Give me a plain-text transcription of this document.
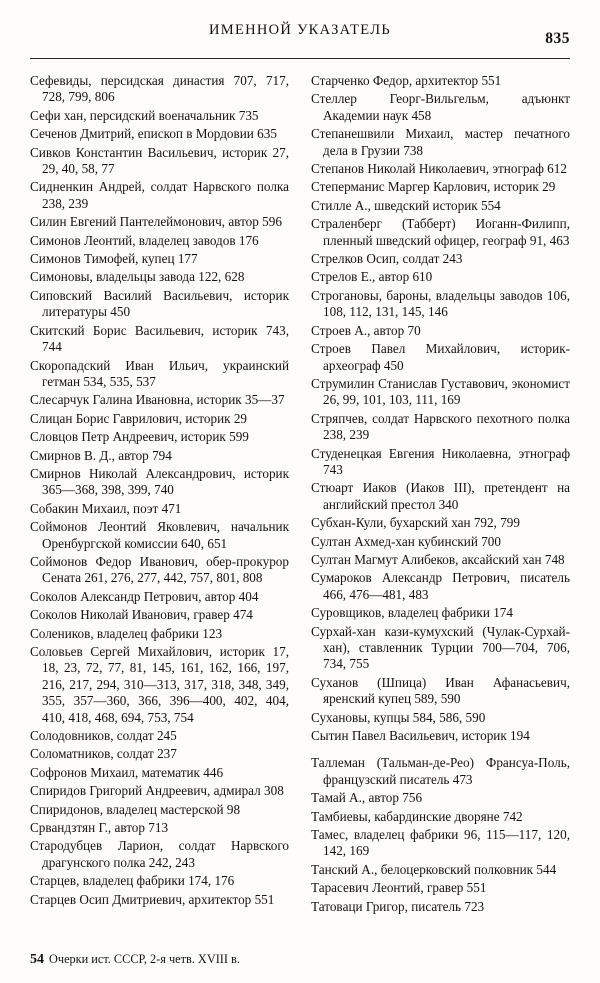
ИМЕННОЙ УКАЗАТЕЛЬ	835

Сефевиды, персидская династия 707, 717, 728, 799, 806

Сефи хан, персидский военачальник 735

Сеченов Дмитрий, епископ в Мордовии 635

Сивков Константин Васильевич, историк 27, 29, 40, 58, 77

Сидненкин Андрей, солдат Нарвского полка 238, 239

Силин Евгений Пантелеймонович, автор 596

Симонов Леонтий, владелец заводов 176

Симонов Тимофей, купец 177

Симоновы, владельцы завода 122, 628

Сиповский Василий Васильевич, историк литературы 450

Скитский Борис Васильевич, историк 743, 744

Скоропадский Иван Ильич, украинский гетман 534, 535, 537

Слесарчук Галина Ивановна, историк 35—37

Слицан Борис Гаврилович, историк 29

Словцов Петр Андреевич, историк 599

Смирнов В. Д., автор 794

Смирнов Николай Александрович, историк 365—368, 398, 399, 740

Собакин Михаил, поэт 471

Соймонов Леонтий Яковлевич, начальник Оренбургской комиссии 640, 651

Соймонов Федор Иванович, обер-прокурор Сената 261, 276, 277, 442, 757, 801, 808

Соколов Александр Петрович, автор 404

Соколов Николай Иванович, гравер 474

Солеников, владелец фабрики 123

Соловьев Сергей Михайлович, историк 17, 18, 23, 72, 77, 81, 145, 161, 162, 166, 197, 216, 217, 294, 310—313, 317, 318, 348, 349, 355, 357—360, 366, 396—400, 402, 404, 410, 418, 468, 694, 753, 754

Солодовников, солдат 245

Соломатников, солдат 237

Софронов Михаил, математик 446

Спиридов Григорий Андреевич, адмирал 308

Спиридонов, владелец мастерской 98

Срвандзтян Г., автор 713

Стародубцев Ларион, солдат Нарвского драгунского полка 242, 243

Старцев, владелец фабрики 174, 176

Старцев Осип Дмитриевич, архитектор 551

Старченко Федор, архитектор 551

Стеллер Георг-Вильгельм, адъюнкт Академии наук 458

Степанешвили Михаил, мастер печатного дела в Грузии 738

Степанов Николай Николаевич, этнограф 612

Степерманис Маргер Карлович, историк 29

Стилле А., шведский историк 554

Страленберг (Табберт) Иоганн-Филипп, пленный шведский офицер, географ 91, 463

Стрелков Осип, солдат 243

Стрелов Е., автор 610

Строгановы, бароны, владельцы заводов 106, 108, 112, 131, 145, 146

Строев А., автор 70

Строев Павел Михайлович, историк-археограф 450

Струмилин Станислав Густавович, экономист 26, 99, 101, 103, 111, 169

Стряпчев, солдат Нарвского пехотного полка 238, 239

Студенецкая Евгения Николаевна, этнограф 743

Стюарт Иаков (Иаков III), претендент на английский престол 340

Субхан-Кули, бухарский хан 792, 799

Султан Ахмед-хан кубинский 700

Султан Магмут Алибеков, аксайский хан 748

Сумароков Александр Петрович, писатель 466, 476—481, 483

Суровщиков, владелец фабрики 174

Сурхай-хан кази-кумухский (Чулак-Сурхай-хан), ставленник Турции 700—704, 706, 734, 755

Суханов (Шпица) Иван Афанасьевич, яренский купец 589, 590

Сухановы, купцы 584, 586, 590

Сытин Павел Васильевич, историк 194

Таллеман (Тальман-де-Рео) Франсуа-Поль, французский писатель 473

Тамай А., автор 756

Тамбиевы, кабардинские дворяне 742

Тамес, владелец фабрики 96, 115—117, 120, 142, 169

Танский А., белоцерковский полковник 544

Тарасевич Леонтий, гравер 551

Татовaци Григор, писатель 723

54 Очерки ист. СССР, 2-я четв. XVIII в.
